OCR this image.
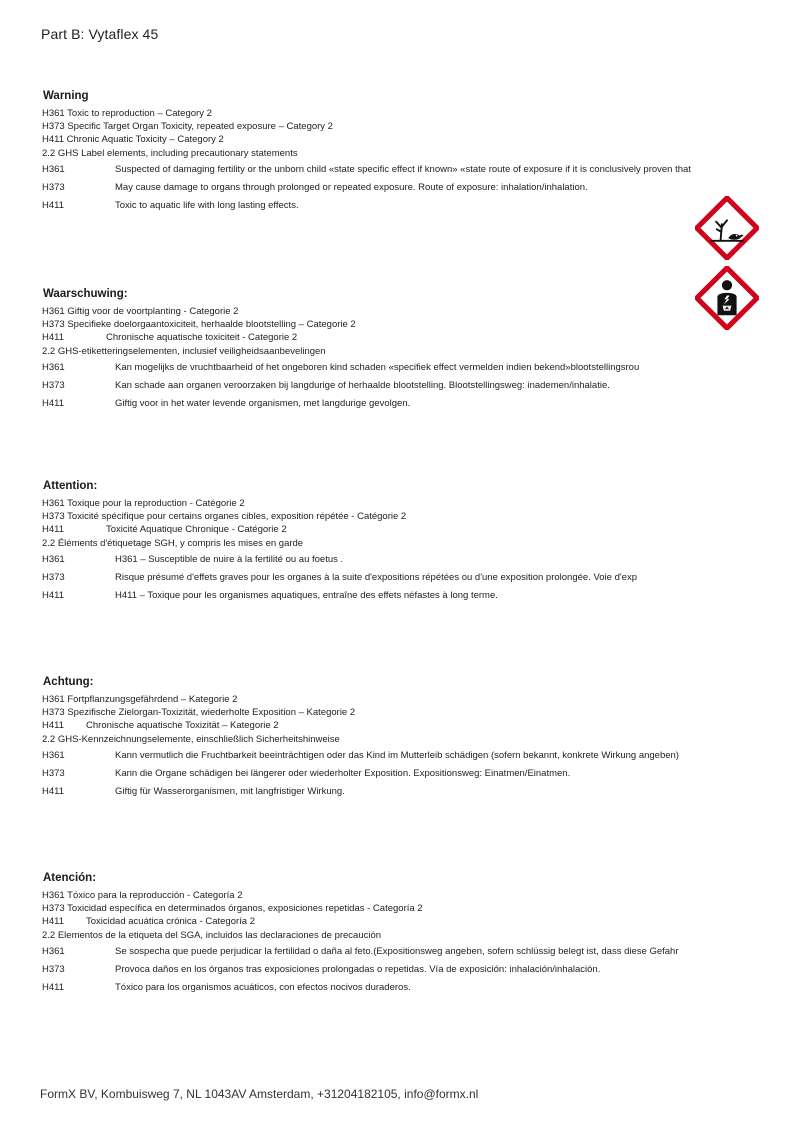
Part B: Vytaflex 45
Warning
H361 Toxic to reproduction – Category 2
H373 Specific Target Organ Toxicity, repeated exposure – Category 2
H411 Chronic Aquatic Toxicity – Category 2
2.2 GHS Label elements, including precautionary statements
H361	Suspected of damaging fertility or the unborn child «state specific effect if known» «state route of exposure if it is conclusively proven that
H373	May cause damage to organs through prolonged or repeated exposure. Route of exposure: inhalation/inhalation.
H411	Toxic to aquatic life with long lasting effects.
Waarschuwing:
H361 Giftig voor de voortplanting - Categorie 2
H373 Specifieke doelorgaantoxiciteit, herhaalde blootstelling – Categorie 2
H411	Chronische aquatische toxiciteit - Categorie 2
2.2 GHS-etiketteringselementen, inclusief veiligheidsaanbevelingen
H361	Kan mogelijks de vruchtbaarheid of het ongeboren kind schaden «specifiek effect vermelden indien bekend»blootstellingsrou
H373	Kan schade aan organen veroorzaken bij langdurige of herhaalde blootstelling. Blootstellingsweg: inademen/inhalatie.
H411	Giftig voor in het water levende organismen, met langdurige gevolgen.
Attention:
H361 Toxique pour la reproduction - Catégorie 2
H373 Toxicité spécifique pour certains organes cibles, exposition répétée - Catégorie 2
H411	Toxicité Aquatique Chronique - Catégorie 2
2.2 Éléments d'étiquetage SGH, y compris les mises en garde
H361	H361 – Susceptible de nuire à la fertilité ou au foetus .
H373	Risque présumé d'effets graves pour les organes à la suite d'expositions répétées ou d'une exposition prolongée. Voie d'exp
H411	H411 – Toxique pour les organismes aquatiques, entraîne des effets néfastes à long terme.
Achtung:
H361 Fortpflanzungsgefährdend – Kategorie 2
H373 Spezifische Zielorgan-Toxizität, wiederholte Exposition – Kategorie 2
H411 Chronische aquatische Toxizität – Kategorie 2
2.2 GHS-Kennzeichnungselemente, einschließlich Sicherheitshinweise
H361	Kann vermutlich die Fruchtbarkeit beeinträchtigen oder das Kind im Mutterleib schädigen (sofern bekannt, konkrete Wirkung angeben)
H373	Kann die Organe schädigen bei längerer oder wiederholter Exposition. Expositionsweg: Einatmen/Einatmen.
H411	Giftig für Wasserorganismen, mit langfristiger Wirkung.
Atención:
H361 Tóxico para la reproducción - Categoría 2
H373 Toxicidad específica en determinados órganos, exposiciones repetidas - Categoría 2
H411 Toxicidad acuática crónica - Categoría 2
2.2 Elementos de la etiqueta del SGA, incluidos las declaraciones de precaución
H361	Se sospecha que puede perjudicar la fertilidad o daña al feto.(Expositionsweg angeben, sofern schlüssig belegt ist, dass diese Gefahr
H373	Provoca daños en los órganos tras exposiciones prolongadas o repetidas. Vía de exposición: inhalación/inhalación.
H411	Tóxico para los organismos acuáticos, con efectos nocivos duraderos.
FormX BV, Kombuisweg 7, NL 1043AV Amsterdam, +31204182105, info@formx.nl
